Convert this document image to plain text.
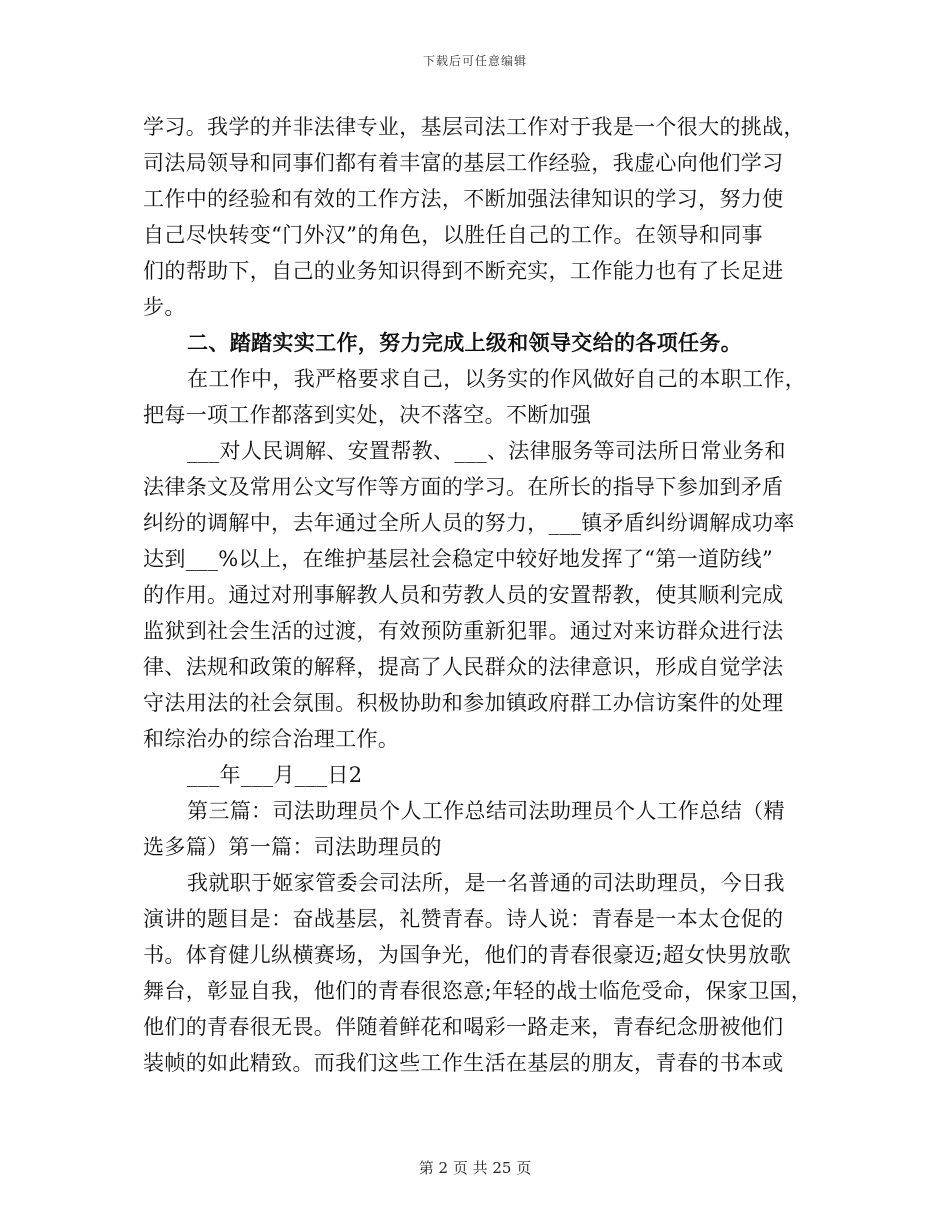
下载后可任意编辑
学习。我学的并非法律专业，基层司法工作对于我是一个很大的挑战，
司法局领导和同事们都有着丰富的基层工作经验，我虚心向他们学习
工作中的经验和有效的工作方法，不断加强法律知识的学习，努力使
自己尽快转变“门外汉”的角色，以胜任自己的工作。在领导和同事
们的帮助下，自己的业务知识得到不断充实，工作能力也有了长足进
步。
二、踏踏实实工作，努力完成上级和领导交给的各项任务。
在工作中，我严格要求自己，以务实的作风做好自己的本职工作，
把每一项工作都落到实处，决不落空。不断加强
___对人民调解、安置帮教、___、法律服务等司法所日常业务和
法律条文及常用公文写作等方面的学习。在所长的指导下参加到矛盾
纠纷的调解中，去年通过全所人员的努力，___镇矛盾纠纷调解成功率
达到___%以上，在维护基层社会稳定中较好地发挥了“第一道防线”
的作用。通过对刑事解教人员和劳教人员的安置帮教，使其顺利完成
监狱到社会生活的过渡，有效预防重新犯罪。通过对来访群众进行法
律、法规和政策的解释，提高了人民群众的法律意识，形成自觉学法
守法用法的社会氛围。积极协助和参加镇政府群工办信访案件的处理
和综治办的综合治理工作。
___年___月___日2
第三篇：司法助理员个人工作总结司法助理员个人工作总结（精
选多篇）第一篇：司法助理员的
我就职于姬家管委会司法所，是一名普通的司法助理员，今日我
演讲的题目是：奋战基层，礼赞青春。诗人说：青春是一本太仓促的
书。体育健儿纵横赛场，为国争光，他们的青春很豪迈;超女快男放歌
舞台，彰显自我，他们的青春很恣意;年轻的战士临危受命，保家卫国，
他们的青春很无畏。伴随着鲜花和喝彩一路走来，青春纪念册被他们
装帧的如此精致。而我们这些工作生活在基层的朋友，青春的书本或
第 2 页 共 25 页
